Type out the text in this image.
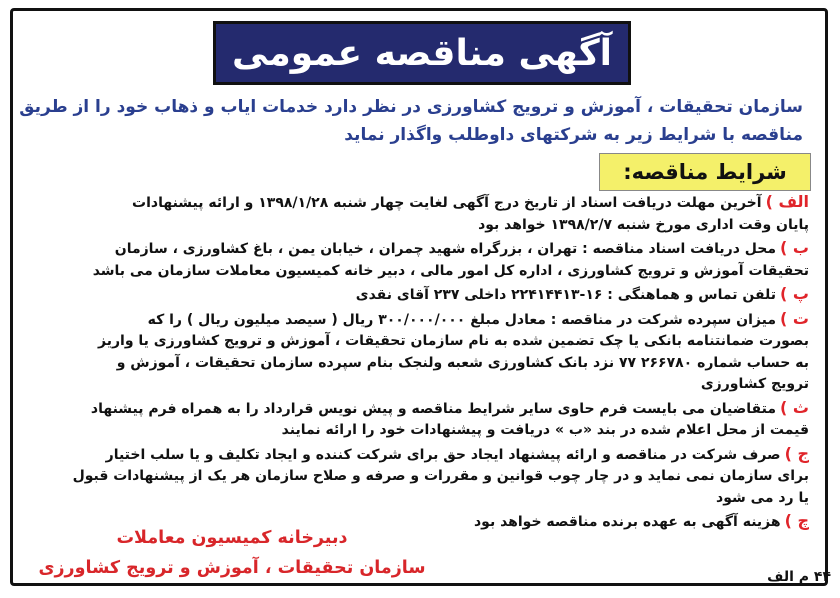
آگهی مناقصه عمومی
سازمان تحقیقات ، آموزش و ترویج کشاورزی در نظر دارد خدمات ایاب و ذهاب خود را از طریق
مناقصه با شرایط زیر به شرکتهای داوطلب واگذار نماید
شرایط مناقصه:
الف )آخرین مهلت دریافت اسناد از تاریخ درج آگهی لغایت چهار شنبه ۱۳۹۸/۱/۲۸ و ارائه پیشنهادات
پایان وقت اداری مورخ شنبه ۱۳۹۸/۲/۷ خواهد بود
ب )محل دریافت اسناد مناقصه : تهران ، بزرگراه شهید چمران ، خیابان یمن ، باغ کشاورزی ، سازمان
تحقیقات آموزش و ترویج کشاورزی ، اداره کل امور مالی ، دبیر خانه کمیسیون معاملات سازمان می باشد
پ )تلفن تماس و هماهنگی : ۱۶-۲۲۴۱۴۴۱۳ داخلی ۲۳۷ آقای نقدی
ت )میزان سپرده شرکت در مناقصه : معادل مبلغ ۳۰۰/۰۰۰/۰۰۰ ریال ( سیصد میلیون ریال ) را که
بصورت ضمانتنامه بانکی یا چک تضمین شده به نام سازمان تحقیقات ، آموزش و ترویج کشاورزی یا واریز
به حساب شماره ۲۶۶۷۸۰ ۷۷ نزد بانک کشاورزی شعبه ولنجک بنام سپرده سازمان تحقیقات ، آموزش و
ترویج کشاورزی
ث )متقاضیان می بایست فرم حاوی سایر شرایط مناقصه و پیش نویس قرارداد را به همراه فرم پیشنهاد
قیمت از محل اعلام شده در بند «ب » دریافت و پیشنهادات خود را ارائه نمایند
ج )صرف شرکت در مناقصه و ارائه پیشنهاد ایجاد حق برای شرکت کننده و ایجاد تکلیف و یا سلب اختیار
برای سازمان نمی نماید و در چار چوب قوانین و مقررات و صرفه و صلاح سازمان هر یک از پیشنهادات قبول
یا رد می شود
چ )هزینه آگهی به عهده برنده مناقصه خواهد بود
دبیرخانه کمیسیون معاملات
سازمان تحقیقات ، آموزش و ترویج کشاورزی	۴۴ م الف
